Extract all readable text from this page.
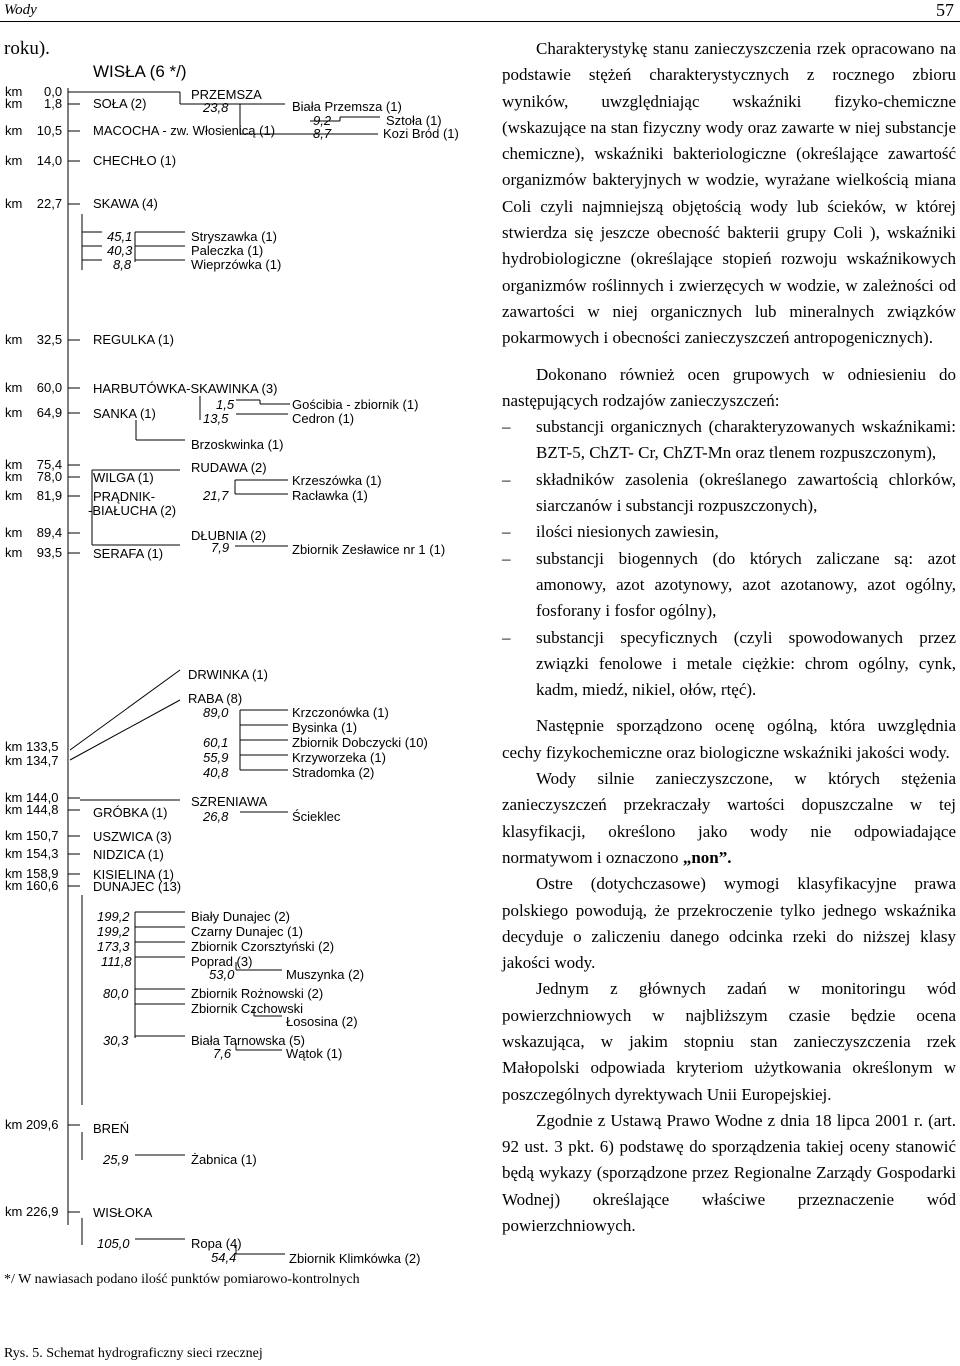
Wody	57
roku).
WISŁA (6 */)
km      0,0
km      1,8
km    10,5
km    14,0
km    22,7
km    32,5
km    60,0
km    64,9
km    75,4
km    78,0
km    81,9
km    89,4
km    93,5
km 133,5
km 134,7
km 144,0
km 144,8
km 150,7
km 154,3
km 158,9
km 160,6
km 209,6
km 226,9
SOŁA (2)
MACOCHA - zw. Włosienicą (1)
CHECHŁO (1)
SKAWA (4)
REGULKA (1)
HARBUTÓWKA-SKAWINKA (3)
SANKA (1)
WILGA (1)
PRĄDNIK-
-BIAŁUCHA (2)
SERAFA (1)
GRÓBKA (1)
USZWICA (3)
NIDZICA (1)
KISIELINA (1)
DUNAJEC (13)
BREŃ
WISŁOKA
23,8
9,2
8,7
45,1
40,3
8,8
1,5
13,5
21,7
7,9
89,0
60,1
55,9
40,8
26,8
199,2
199,2
173,3
111,8
53,0
80,0
30,3
7,6
25,9
105,0
54,4
PRZEMSZA
Biała Przemsza (1)
Sztoła (1)
Kozi Bród (1)
Stryszawka (1)
Paleczka (1)
Wieprzówka (1)
Gościbia - zbiornik (1)
Cedron (1)
Brzoskwinka (1)
RUDAWA (2)
Krzeszówka (1)
Racławka (1)
DŁUBNIA (2)
Zbiornik Zesławice nr 1 (1)
DRWINKA (1)
RABA (8)
Krzczonówka (1)
Bysinka (1)
Zbiornik Dobczycki (10)
Krzyworzeka (1)
Stradomka (2)
SZRENIAWA
Ścieklec
Biały Dunajec (2)
Czarny Dunajec (1)
Zbiornik Czorsztyński (2)
Poprad (3)
Muszynka (2)
Zbiornik Rożnowski (2)
Zbiornik Czchowski
Łososina (2)
Biała Tarnowska (5)
Wątok (1)
Żabnica (1)
Ropa (4)
Zbiornik Klimkówka (2)
*/ W nawiasach podano ilość punktów pomiarowo-kontrolnych
Rys. 5. Schemat hydrograficzny sieci rzecznej

Charakterystykę stanu zanieczyszczenia rzek opracowano na podstawie stężeń charakterystycznych z rocznego zbioru wyników, uwzględniając wskaźniki fizyko-chemiczne (wskazujące na stan fizyczny wody oraz zawarte w niej substancje chemiczne), wskaźniki bakteriologiczne (określające zawartość organizmów bakteryjnych w wodzie, wyrażane wielkością miana Coli czyli najmniejszą objętością wody lub ścieków, w której stwierdza się jeszcze obecność bakterii grupy Coli ), wskaźniki hydrobiologiczne (określające stopień rozwoju wskaźnikowych organizmów roślinnych i zwierzęcych w wodzie, w zależności od zawartości w niej organicznych lub mineralnych związków pokarmowych i obecności zanieczyszczeń antropogenicznych).

Dokonano również ocen grupowych w odniesieniu do następujących rodzajów zanieczyszczeń:

– substancji organicznych (charakteryzowanych wskaźnikami: BZT-5, ChZT- Cr, ChZT-Mn oraz tlenem rozpuszczonym),
– składników zasolenia (określanego zawartością chlorków, siarczanów i substancji rozpuszczonych),
– ilości niesionych zawiesin,
– substancji biogennych (do których zaliczane są: azot amonowy, azot azotynowy, azot azotanowy, azot ogólny, fosforany i fosfor ogólny),
– substancji specyficznych (czyli spowodowanych przez związki fenolowe i metale ciężkie: chrom ogólny, cynk, kadm, miedź, nikiel, ołów, rtęć).

Następnie sporządzono ocenę ogólną, która uwzględnia cechy fizykochemiczne oraz biologiczne wskaźniki jakości wody.

Wody silnie zanieczyszczone, w których stężenia zanieczyszczeń przekraczały wartości dopuszczalne w tej klasyfikacji, określono jako wody nie odpowiadające normatywom i oznaczono „non”.

Ostre (dotychczasowe) wymogi klasyfikacyjne prawa polskiego powodują, że przekroczenie tylko jednego wskaźnika decyduje o zaliczeniu danego odcinka rzeki do niższej klasy jakości wody.

Jednym z głównych zadań w monitoringu wód powierzchniowych w najbliższym czasie będzie ocena wskazująca, w jakim stopniu stan zanieczyszczenia rzek Małopolski odpowiada kryteriom użytkowania określonym w poszczególnych dyrektywach Unii Europejskiej.

Zgodnie z Ustawą Prawo Wodne z dnia 18 lipca 2001 r. (art. 92 ust. 3 pkt. 6) podstawę do sporządzenia takiej oceny stanowić będą wykazy (sporządzone przez Regionalne Zarządy Gospodarki Wodnej) określające właściwe przeznaczenie wód powierzchniowych.
